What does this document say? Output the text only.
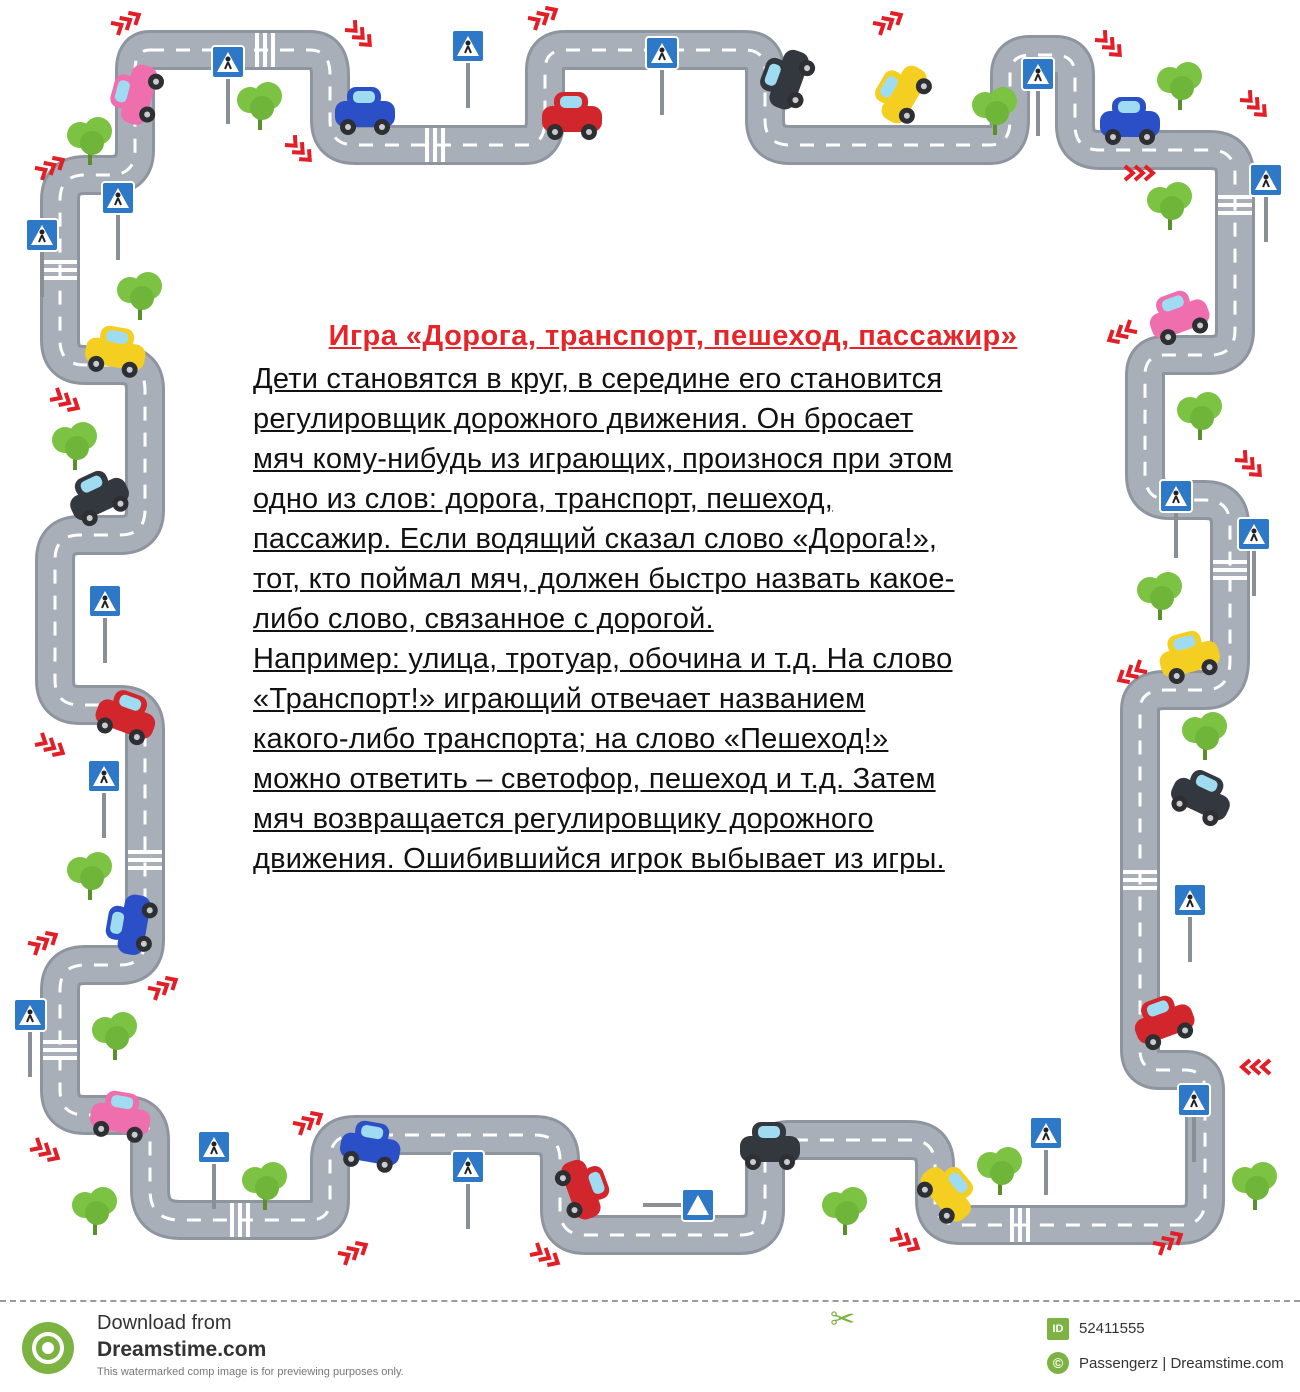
Игра «Дорога, транспорт, пешеход, пассажир»
Дети становятся в круг, в середине его становится
регулировщик дорожного движения. Он бросает
мяч кому-нибудь из играющих, произнося при этом
одно из слов: дорога, транспорт, пешеход,
пассажир. Если водящий сказал слово «Дорога!»,
тот, кто поймал мяч, должен быстро назвать какое-
либо слово, связанное с дорогой.
Например: улица, тротуар, обочина и т.д. На слово
«Транспорт!» играющий отвечает названием
какого-либо транспорта; на слово «Пешеход!»
можно ответить – светофор, пешеход и т.д. Затем
мяч возвращается регулировщику дорожного
движения. Ошибившийся игрок выбывает из игры.
Download from
Dreamstime.com
This watermarked comp image is for previewing purposes only.
✂	ID	52411555
©	Passengerz | Dreamstime.com
